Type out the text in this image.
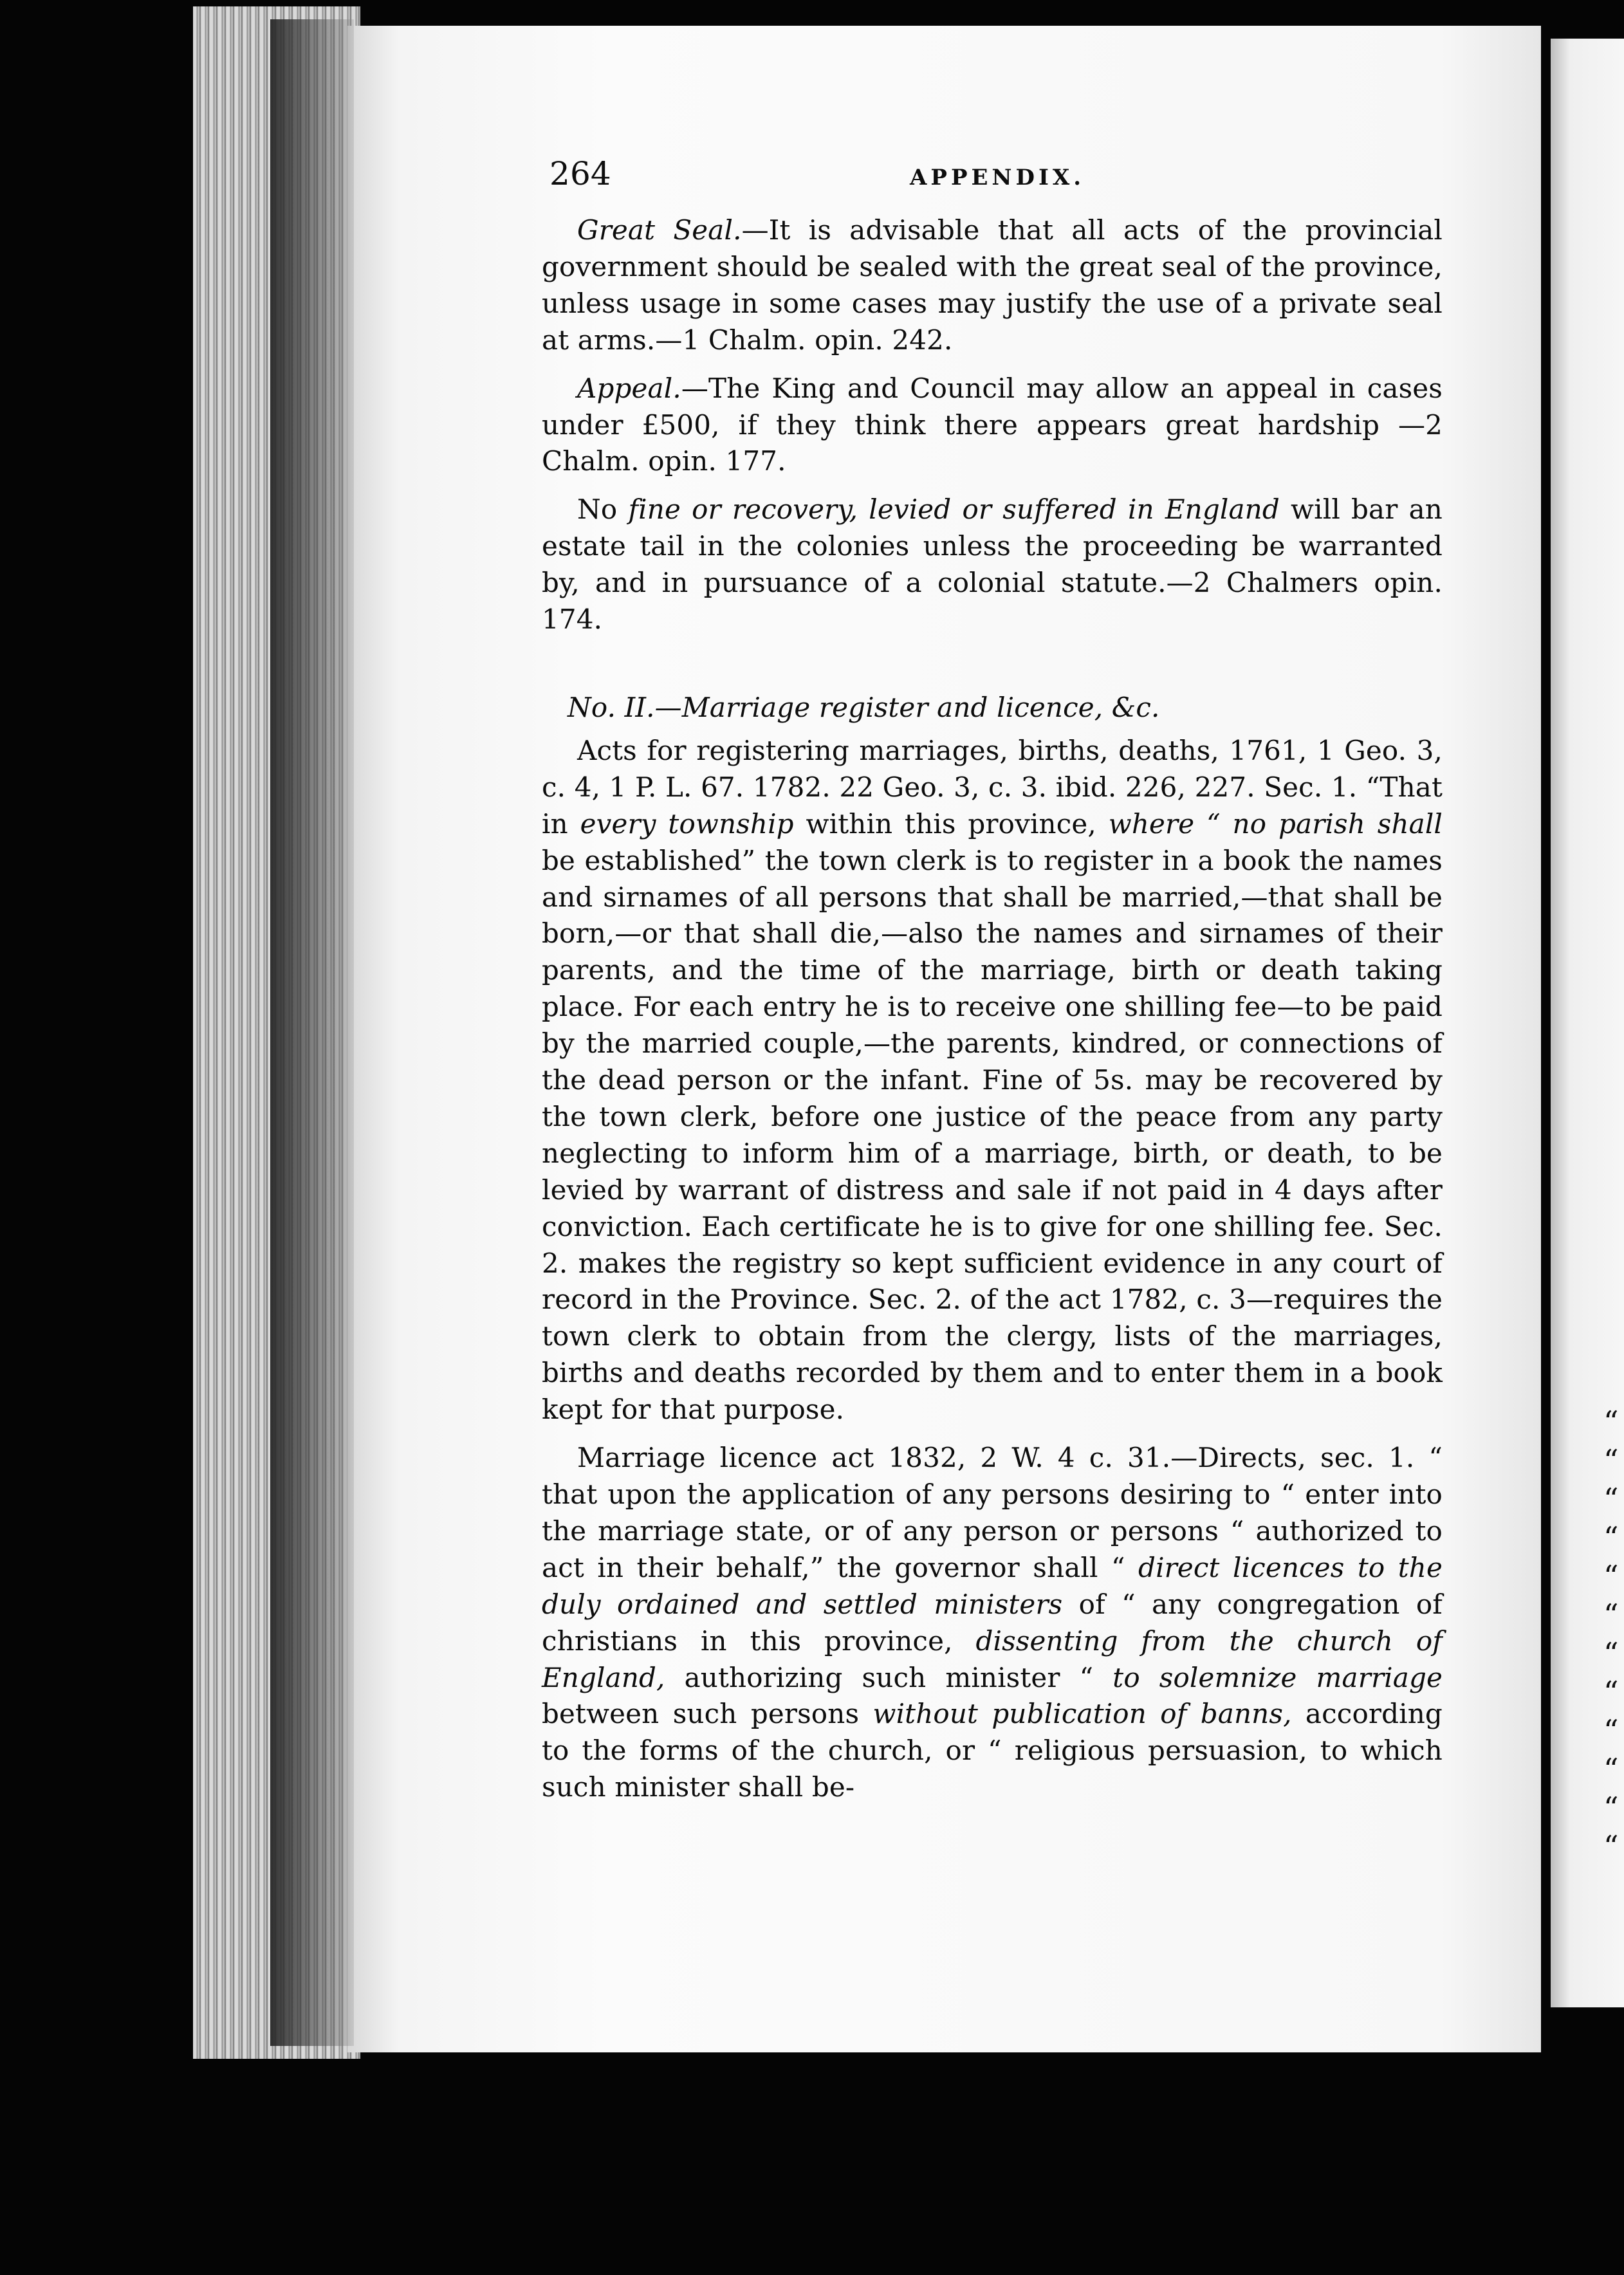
“
“
“
“
“
“
“
“
“
“
“
“
264	APPENDIX.

Great Seal.—It is advisable that all acts of the provincial government should be sealed with the great seal of the province, unless usage in some cases may justify the use of a private seal at arms.—1 Chalm. opin. 242.

Appeal.—The King and Council may allow an appeal in cases under £500, if they think there appears great hardship —2 Chalm. opin. 177.

No fine or recovery, levied or suffered in England will bar an estate tail in the colonies unless the proceeding be warranted by, and in pursuance of a colonial statute.—2 Chalmers opin. 174.

No. II.—Marriage register and licence, &c.

Acts for registering marriages, births, deaths, 1761, 1 Geo. 3, c. 4, 1 P. L. 67. 1782. 22 Geo. 3, c. 3. ibid. 226, 227. Sec. 1. “That in every township within this province, where “ no parish shall be established” the town clerk is to register in a book the names and sirnames of all persons that shall be married,—that shall be born,—or that shall die,—also the names and sirnames of their parents, and the time of the marriage, birth or death taking place. For each entry he is to receive one shilling fee—to be paid by the married couple,—the parents, kindred, or connections of the dead person or the infant. Fine of 5s. may be recovered by the town clerk, before one justice of the peace from any party neglecting to inform him of a marriage, birth, or death, to be levied by warrant of distress and sale if not paid in 4 days after conviction. Each certificate he is to give for one shilling fee. Sec. 2. makes the registry so kept sufficient evidence in any court of record in the Province. Sec. 2. of the act 1782, c. 3—requires the town clerk to obtain from the clergy, lists of the marriages, births and deaths recorded by them and to enter them in a book kept for that purpose.

Marriage licence act 1832, 2 W. 4 c. 31.—Directs, sec. 1. “ that upon the application of any persons desiring to “ enter into the marriage state, or of any person or persons “ authorized to act in their behalf,” the governor shall “ direct licences to the duly ordained and settled ministers of “ any congregation of christians in this province, dissenting from the church of England, authorizing such minister “ to solemnize marriage between such persons without publication of banns, according to the forms of the church, or “ religious persuasion, to which such minister shall be-
